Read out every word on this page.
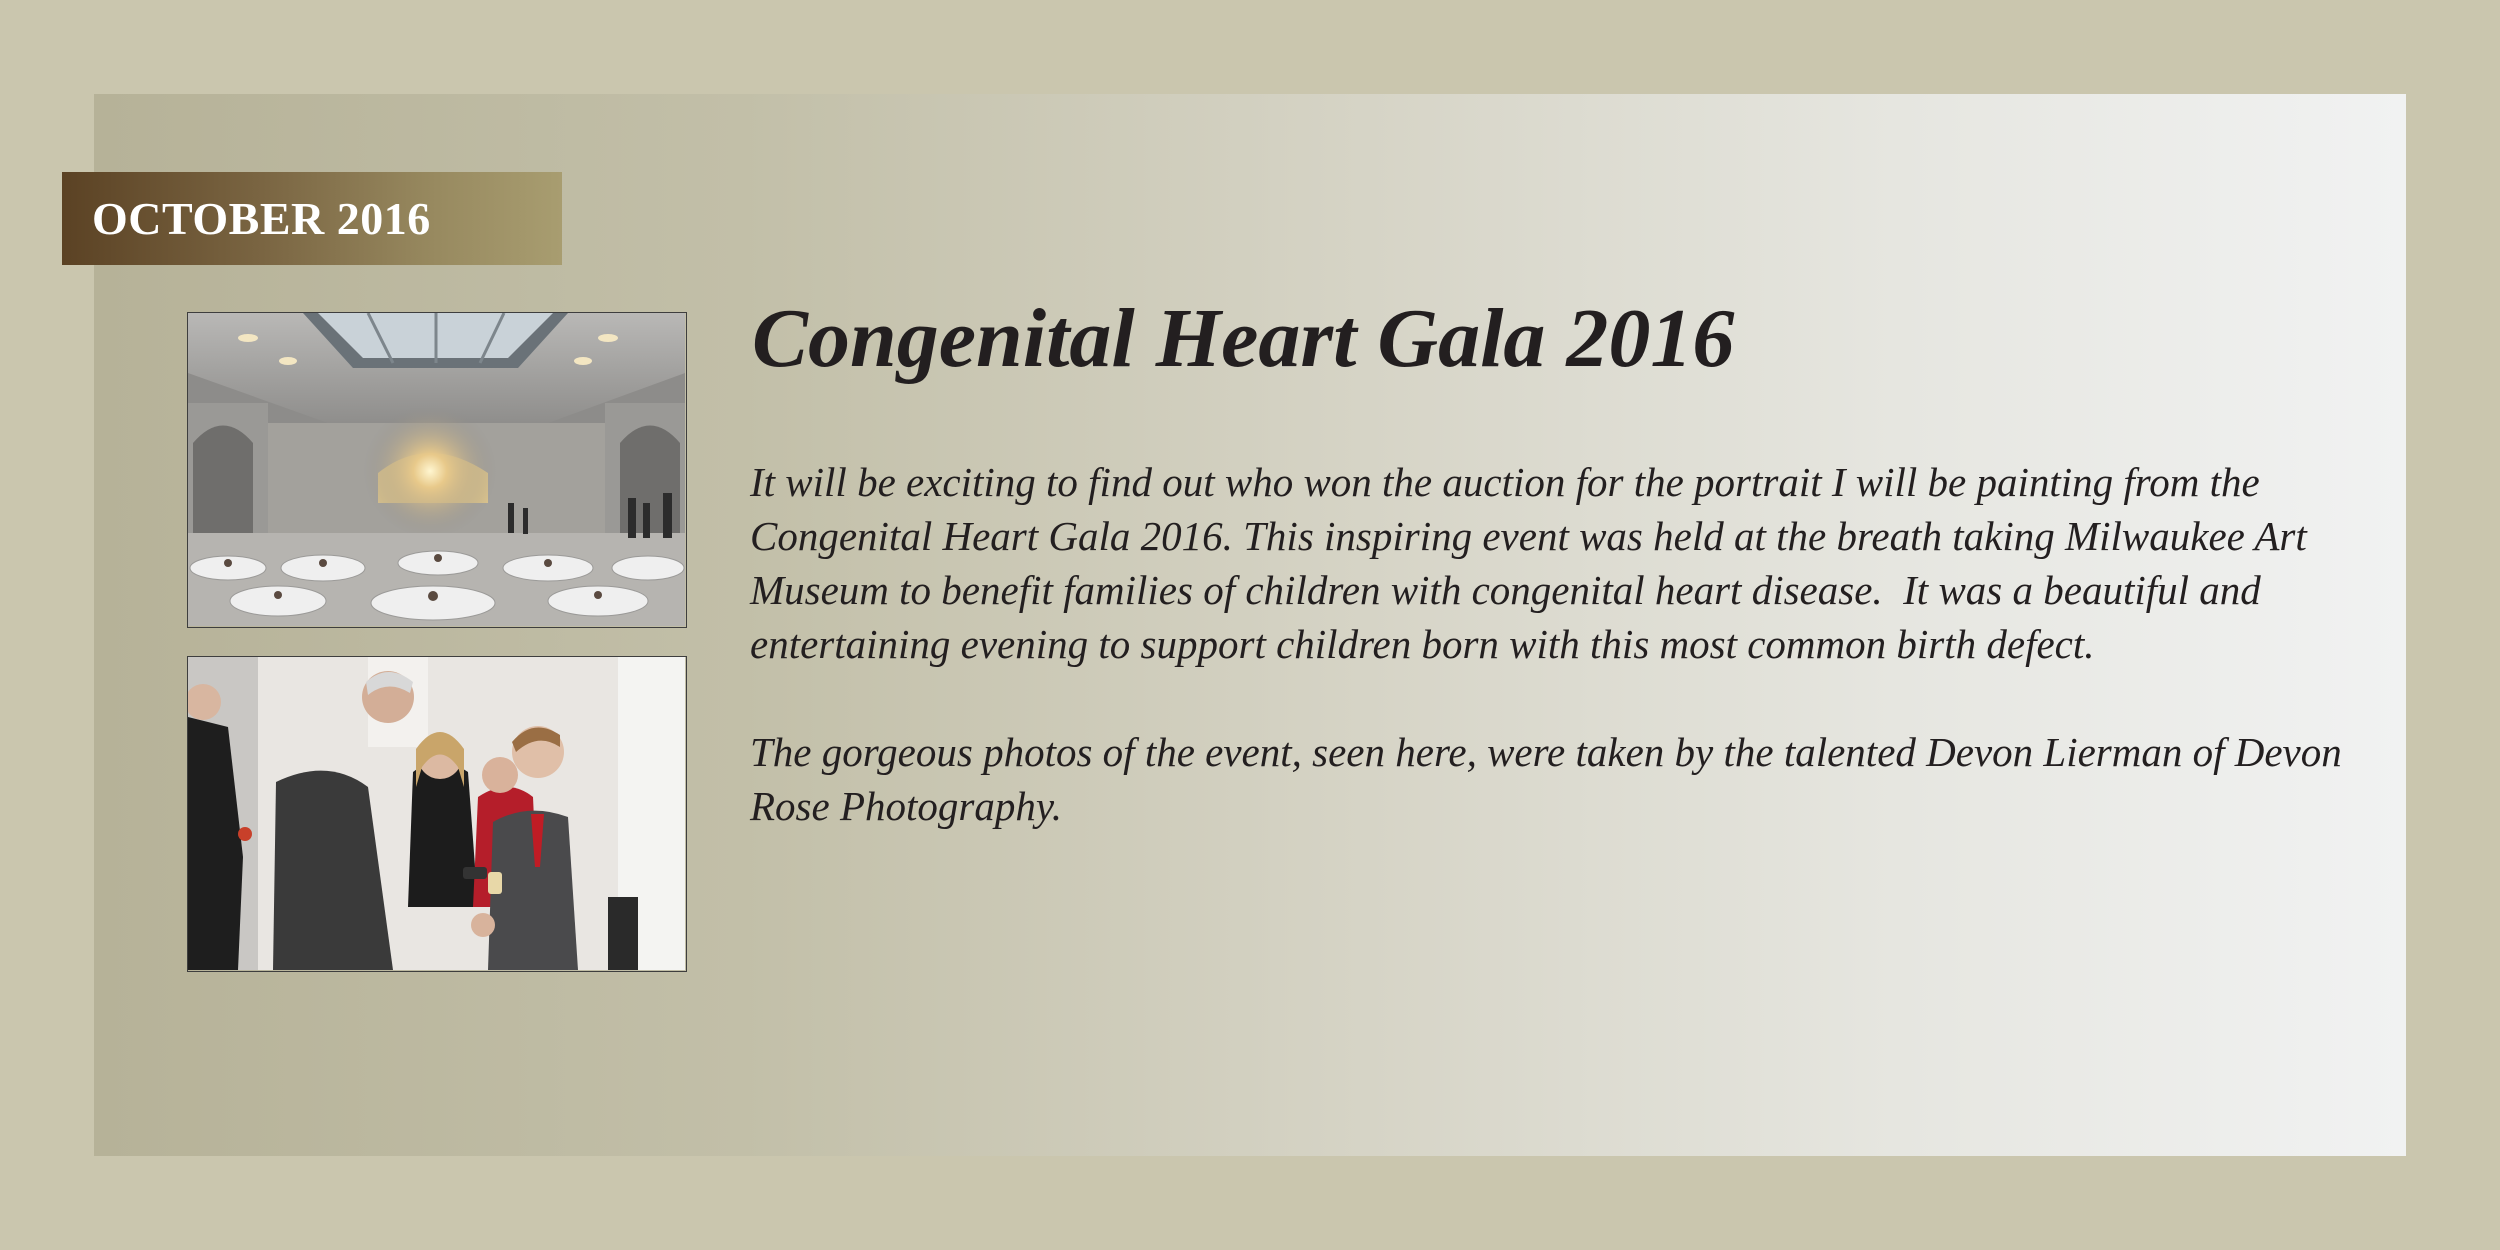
OCTOBER 2016
Congenital Heart Gala 2016

It will be exciting to find out who won the auction for the portrait I will be painting from the Congenital Heart Gala 2016. This inspiring event was held at the breath taking Milwaukee Art Museum to benefit families of children with congenital heart disease.  It was a beautiful and entertaining evening to support children born with this most common birth defect.

The gorgeous photos of the event, seen here, were taken by the talented Devon Lierman of Devon Rose Photography.
